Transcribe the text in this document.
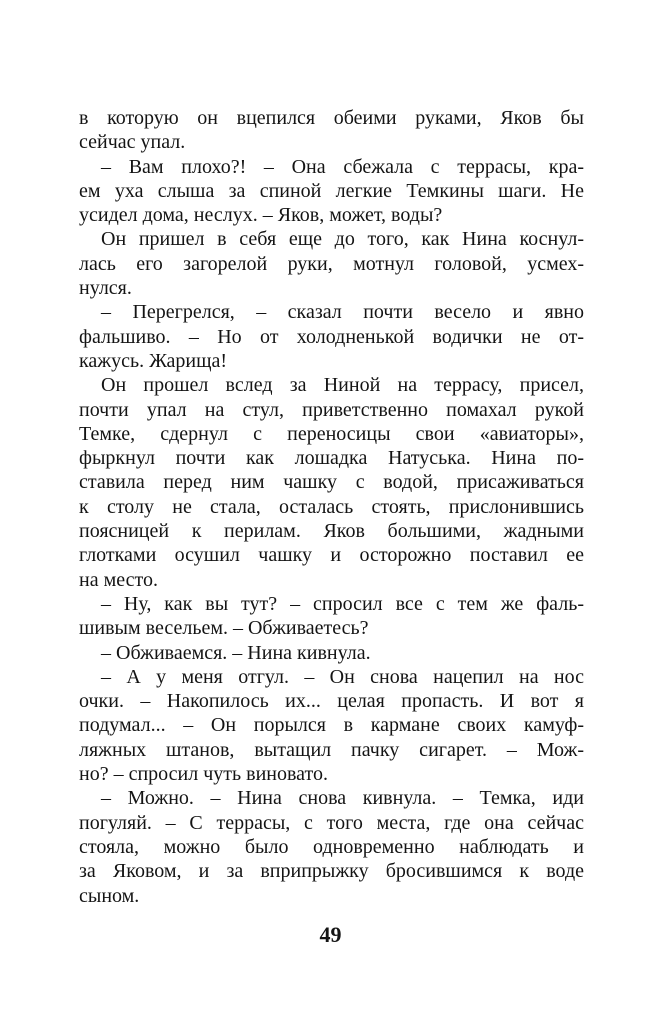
в которую он вцепился обеими руками, Яков бы
сейчас упал.
– Вам плохо?! – Она сбежала с террасы, кра-
ем уха слыша за спиной легкие Темкины шаги. Не
усидел дома, неслух. – Яков, может, воды?
Он пришел в себя еще до того, как Нина коснул-
лась его загорелой руки, мотнул головой, усмех-
нулся.
– Перегрелся, – сказал почти весело и явно
фальшиво. – Но от холодненькой водички не от-
кажусь. Жарища!
Он прошел вслед за Ниной на террасу, присел,
почти упал на стул, приветственно помахал рукой
Темке, сдернул с переносицы свои «авиаторы»,
фыркнул почти как лошадка Натуська. Нина по-
ставила перед ним чашку с водой, присаживаться
к столу не стала, осталась стоять, прислонившись
поясницей к перилам. Яков большими, жадными
глотками осушил чашку и осторожно поставил ее
на место.
– Ну, как вы тут? – спросил все с тем же фаль-
шивым весельем. – Обживаетесь?
– Обживаемся. – Нина кивнула.
– А у меня отгул. – Он снова нацепил на нос
очки. – Накопилось их... целая пропасть. И вот я
подумал... – Он порылся в кармане своих камуф-
ляжных штанов, вытащил пачку сигарет. – Мож-
но? – спросил чуть виновато.
– Можно. – Нина снова кивнула. – Темка, иди
погуляй. – С террасы, с того места, где она сейчас
стояла, можно было одновременно наблюдать и
за Яковом, и за вприпрыжку бросившимся к воде
сыном.
49
